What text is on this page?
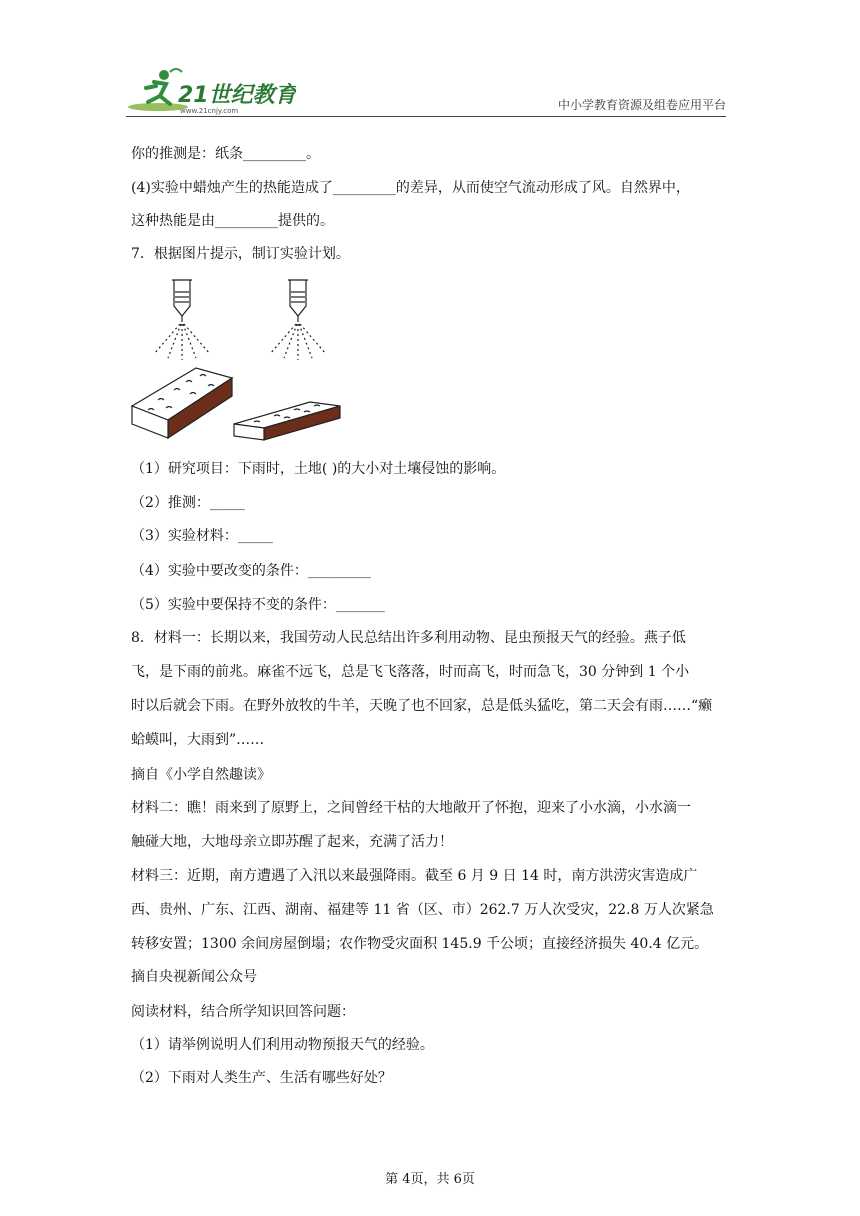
21世纪教育
www.21cnjy.com	中小学教育资源及组卷应用平台
你的推测是：纸条_________。
(4)实验中蜡烛产生的热能造成了_________的差异，从而使空气流动形成了风。自然界中，
这种热能是由_________提供的。
7．根据图片提示，制订实验计划。
（1）研究项目：下雨时，土地( )的大小对土壤侵蚀的影响。
（2）推测：_____
（3）实验材料：_____
（4）实验中要改变的条件：_________
（5）实验中要保持不变的条件：_______
8．材料一：长期以来，我国劳动人民总结出许多利用动物、昆虫预报天气的经验。燕子低
飞，是下雨的前兆。麻雀不远飞，总是飞飞落落，时而高飞，时而急飞，30 分钟到 1 个小
时以后就会下雨。在野外放牧的牛羊，天晚了也不回家，总是低头猛吃，第二天会有雨……“癞
蛤蟆叫，大雨到”……
摘自《小学自然趣读》
材料二：瞧！雨来到了原野上，之间曾经干枯的大地敞开了怀抱，迎来了小水滴，小水滴一
触碰大地，大地母亲立即苏醒了起来，充满了活力！
材料三：近期，南方遭遇了入汛以来最强降雨。截至 6 月 9 日 14 时，南方洪涝灾害造成广
西、贵州、广东、江西、湖南、福建等 11 省（区、市）262.7 万人次受灾，22.8 万人次紧急
转移安置；1300 余间房屋倒塌；农作物受灾面积 145.9 千公顷；直接经济损失 40.4 亿元。
摘自央视新闻公众号
阅读材料，结合所学知识回答问题：
（1）请举例说明人们利用动物预报天气的经验。
（2）下雨对人类生产、生活有哪些好处？
第 4页，共 6页
